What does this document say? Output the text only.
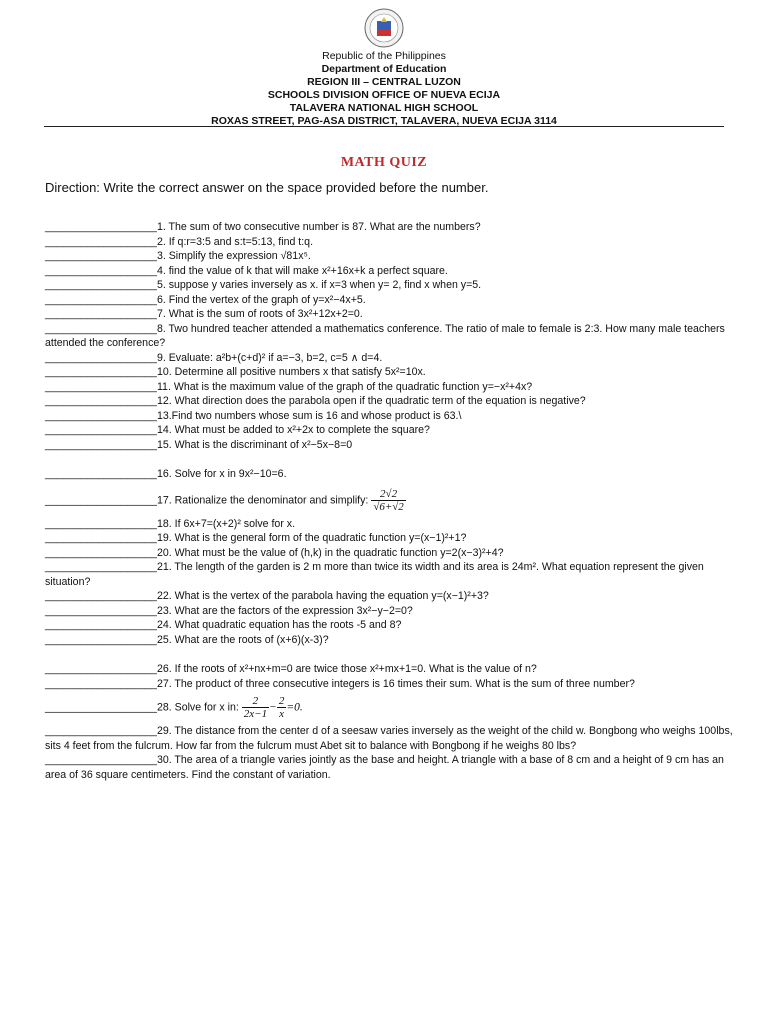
Republic of the Philippines
Department of Education
REGION III – CENTRAL LUZON
SCHOOLS DIVISION OFFICE OF NUEVA ECIJA
TALAVERA NATIONAL HIGH SCHOOL
ROXAS STREET, PAG-ASA DISTRICT, TALAVERA, NUEVA ECIJA 3114
MATH QUIZ
Direction: Write the correct answer on the space provided before the number.
___________________1. The sum of two consecutive number is 87. What are the numbers?
___________________2. If q:r=3:5 and s:t=5:13, find t:q.
___________________3. Simplify the expression √81x⁵.
___________________4. find the value of k that will make x²+16x+k a perfect square.
___________________5. suppose y varies inversely as x. if x=3 when y= 2, find x when y=5.
___________________6. Find the vertex of the graph of y=x²−4x+5.
___________________7. What is the sum of roots of 3x²+12x+2=0.
___________________8. Two hundred teacher attended a mathematics conference. The ratio of male to female is 2:3. How many male teachers attended the conference?
___________________9. Evaluate: a²b+(c+d)² if a=−3, b=2, c=5 ∧ d=4.
___________________10. Determine all positive numbers x that satisfy 5x²=10x.
___________________11. What is the maximum value of the graph of the quadratic function y=−x²+4x?
___________________12. What direction does the parabola open if the quadratic term of the equation is negative?
___________________13.Find two numbers whose sum is 16 and whose product is 63.\
___________________14. What must be added to x²+2x to complete the square?
___________________15. What is the discriminant of x²−5x−8=0
___________________16. Solve for x in 9x²−10=6.
___________________17. Rationalize the denominator and simplify: $\frac{2√2}{√6+√2}$
___________________18. If 6x+7=(x+2)² solve for x.
___________________19. What is the general form of the quadratic function y=(x−1)²+1?
___________________20. What must be the value of (h,k) in the quadratic function y=2(x−3)²+4?
___________________21. The length of the garden is 2 m more than twice its width and its area is 24m². What equation represent the given situation?
___________________22. What is the vertex of the parabola having the equation y=(x−1)²+3?
___________________23. What are the factors of the expression 3x²−y−2=0?
___________________24. What quadratic equation has the roots -5 and 8?
___________________25. What are the roots of (x+6)(x-3)?
___________________26. If the roots of x²+nx+m=0 are twice those x²+mx+1=0. What is the value of n?
___________________27. The product of three consecutive integers is 16 times their sum. What is the sum of three number?
___________________28. Solve for x in: $\frac{2}{2x-1} - \frac{2}{x} =0$.
___________________29. The distance from the center d of a seesaw varies inversely as the weight of the child w. Bongbong who weighs 100lbs, sits 4 feet from the fulcrum. How far from the fulcrum must Abet sit to balance with Bongbong if he weighs 80 lbs?
___________________30. The area of a triangle varies jointly as the base and height. A triangle with a base of 8 cm and a height of 9 cm has an area of 36 square centimeters. Find the constant of variation.
